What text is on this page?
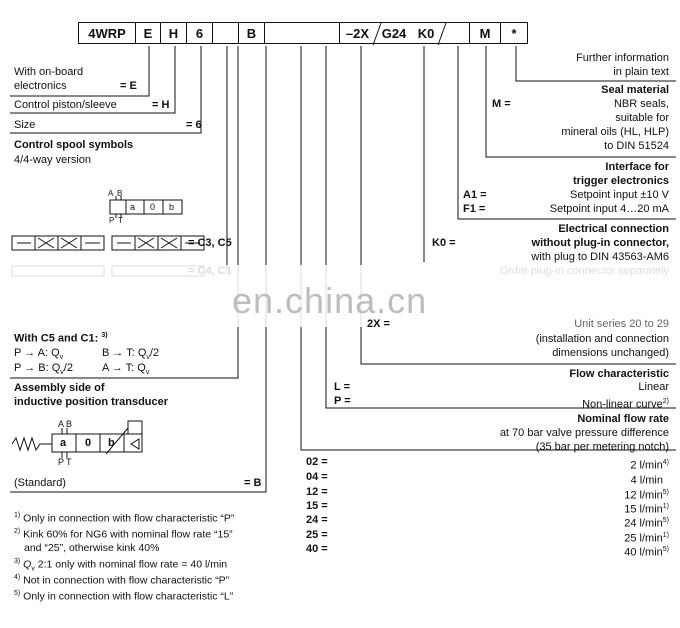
4WRP	E	H	6	B	–2X G24 K0	M	*
A B
P T
a 0 b
A B
P T
a 0 b
With on-board
electronics	= E
Control piston/sleeve	= H
Size	= 6
Control spool symbols
4/4-way version
= C3, C5
With C5 and C1: $^{3)}$
P → A: $Q_v$	B → T: $Q_v/2$
P → B: $Q_v/2$	A → T: $Q_v$
Assembly side of
inductive position transducer
(Standard)	= B
Further information
in plain text
Seal material
M =	NBR seals,
suitable for
mineral oils (HL, HLP)
to DIN 51524
Interface for
trigger electronics
A1 =	Setpoint input ±10 V
F1 =	Setpoint input 4…20 mA
Electrical connection
K0 =	without plug-in connector,
with plug to DIN 43563-AM6
en.china.cn
2X =	Unit series 20 to 29
(installation and connection
dimensions unchanged)
Flow characteristic
L =	Linear
P =	Non-linear curve$^{2)}$
Nominal flow rate
at 70 bar valve pressure difference
(35 bar per metering notch)
02 =	2 $l/\min^{4)}$
04 =	4 l/min
12 =	12 $l/\min^{5)}$
15 =	15 $l/\min^{1)}$
24 =	24 $l/\min^{5)}$
25 =	25 $l/\min^{1)}$
40 =	40 $l/\min^{5)}$
$^{1)}$ Only in connection with flow characteristic “P”
$^{2)}$ Kink 60% for NG6 with nominal flow rate “15”
and “25”, otherwise kink 40%
$^{3)}$ $Q_v$ 2:1 only with nominal flow rate = 40 l/min
$^{4)}$ Not in connection with flow characteristic “P”
$^{5)}$ Only in connection with flow characteristic “L”
